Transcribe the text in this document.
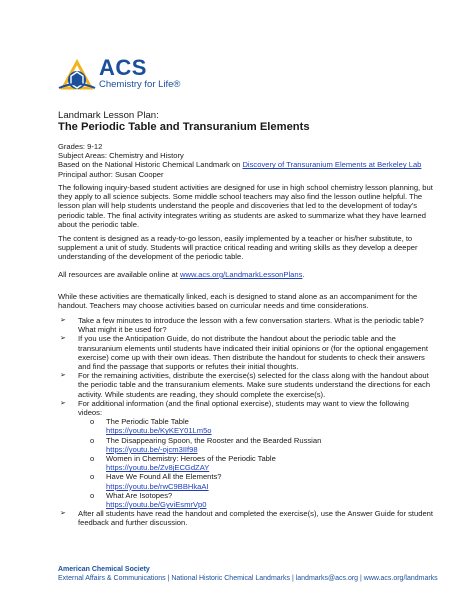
ACS
Chemistry for Life®
Landmark Lesson Plan:
The Periodic Table and Transuranium Elements

Grades: 9-12

Subject Areas: Chemistry and History

Based on the National Historic Chemical Landmark on Discovery of Transuranium Elements at Berkeley Lab

Principal author: Susan Cooper

The following inquiry-based student activities are designed for use in high school chemistry lesson planning, but they apply to all science subjects. Some middle school teachers may also find the lesson outline helpful. The lesson plan will help students understand the people and discoveries that led to the development of today's periodic table. The final activity integrates writing as students are asked to summarize what they have learned about the periodic table.

The content is designed as a ready-to-go lesson, easily implemented by a teacher or his/her substitute, to supplement a unit of study. Students will practice critical reading and writing skills as they develop a deeper understanding of the development of the periodic table.

All resources are available online at www.acs.org/LandmarkLessonPlans.

While these activities are thematically linked, each is designed to stand alone as an accompaniment for the handout. Teachers may choose activities based on curricular needs and time considerations.

➢ Take a few minutes to introduce the lesson with a few conversation starters. What is the periodic table? What might it be used for?
➢ If you use the Anticipation Guide, do not distribute the handout about the periodic table and the transuranium elements until students have indicated their initial opinions or (for the optional engagement exercise) come up with their own ideas. Then distribute the handout for students to check their answers and find the passage that supports or refutes their initial thoughts.
➢ For the remaining activities, distribute the exercise(s) selected for the class along with the handout about the periodic table and the transuranium elements. Make sure students understand the directions for each activity. While students are reading, they should complete the exercise(s).
➢ For additional information (and the final optional exercise), students may want to view the following videos:
o The Periodic Table Table
https://youtu.be/KyKEY01Lm5o
o The Disappearing Spoon, the Rooster and the Bearded Russian
https://youtu.be/-ojcm3IIf98
o Women in Chemistry: Heroes of the Periodic Table
https://youtu.be/Zv8jECGdZAY
o Have We Found All the Elements?
https://youtu.be/rwC9BBHkaAI
o What Are Isotopes?
https://youtu.be/GyviEsmrVp0
➢ After all students have read the handout and completed the exercise(s), use the Answer Guide for student feedback and further discussion.
American Chemical Society
External Affairs & Communications | National Historic Chemical Landmarks | landmarks@acs.org | www.acs.org/landmarks
